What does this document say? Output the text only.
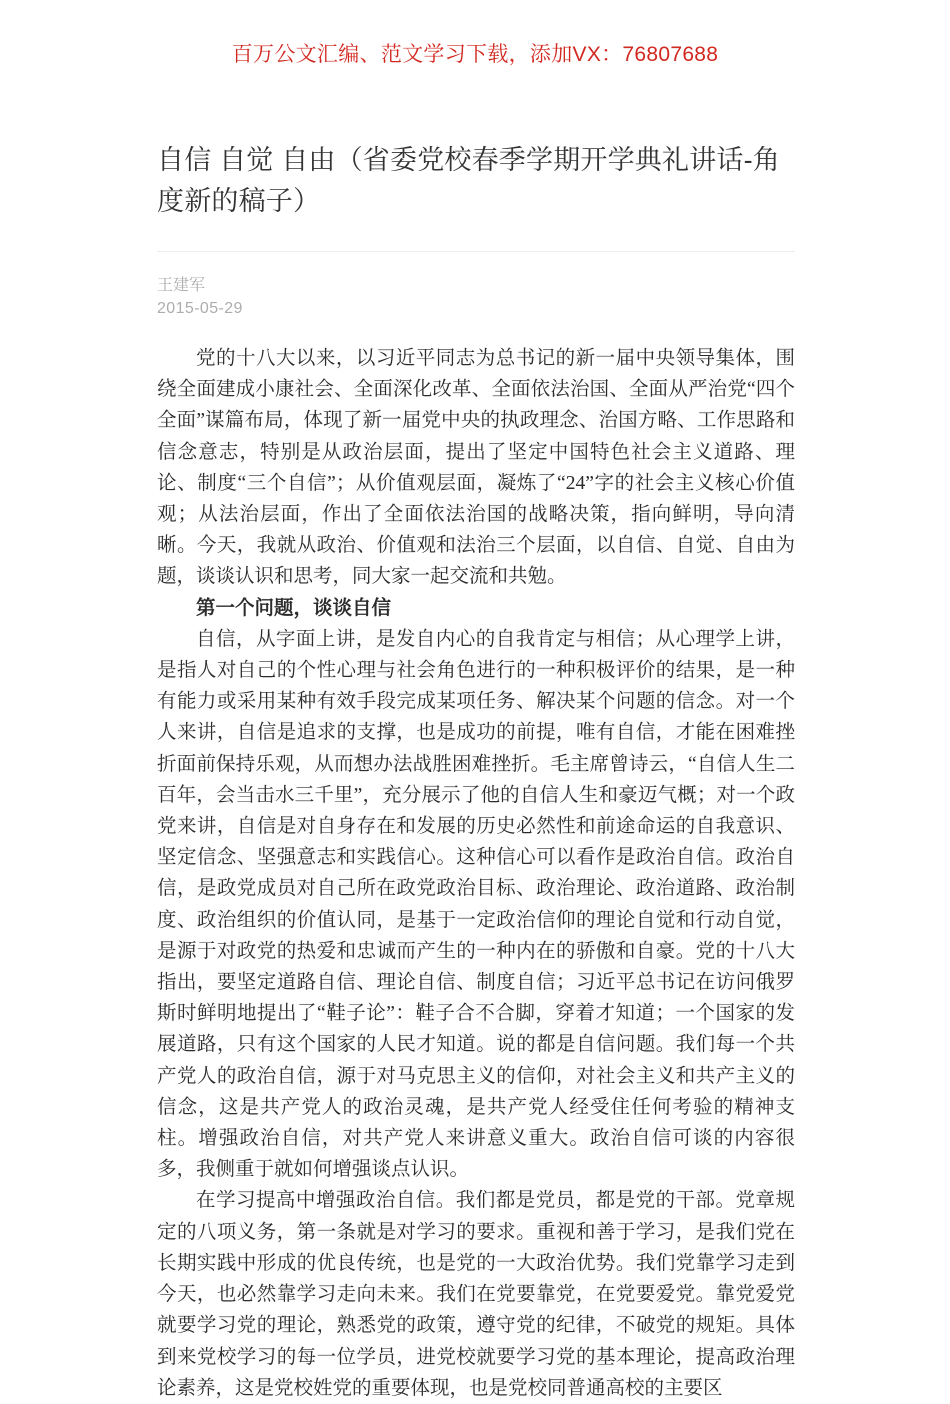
百万公文汇编、范文学习下载，添加VX：76807688
自信 自觉 自由（省委党校春季学期开学典礼讲话-角度新的稿子）
王建军
2015-05-29

党的十八大以来，以习近平同志为总书记的新一届中央领导集体，围绕全面建成小康社会、全面深化改革、全面依法治国、全面从严治党“四个全面”谋篇布局，体现了新一届党中央的执政理念、治国方略、工作思路和信念意志，特别是从政治层面，提出了坚定中国特色社会主义道路、理论、制度“三个自信”；从价值观层面，凝炼了“24”字的社会主义核心价值观；从法治层面，作出了全面依法治国的战略决策，指向鲜明，导向清晰。今天，我就从政治、价值观和法治三个层面，以自信、自觉、自由为题，谈谈认识和思考，同大家一起交流和共勉。

第一个问题，谈谈自信

自信，从字面上讲，是发自内心的自我肯定与相信；从心理学上讲，是指人对自己的个性心理与社会角色进行的一种积极评价的结果，是一种有能力或采用某种有效手段完成某项任务、解决某个问题的信念。对一个人来讲，自信是追求的支撑，也是成功的前提，唯有自信，才能在困难挫折面前保持乐观，从而想办法战胜困难挫折。毛主席曾诗云，“自信人生二百年，会当击水三千里”，充分展示了他的自信人生和豪迈气概；对一个政党来讲，自信是对自身存在和发展的历史必然性和前途命运的自我意识、坚定信念、坚强意志和实践信心。这种信心可以看作是政治自信。政治自信，是政党成员对自己所在政党政治目标、政治理论、政治道路、政治制度、政治组织的价值认同，是基于一定政治信仰的理论自觉和行动自觉，是源于对政党的热爱和忠诚而产生的一种内在的骄傲和自豪。党的十八大指出，要坚定道路自信、理论自信、制度自信；习近平总书记在访问俄罗斯时鲜明地提出了“鞋子论”：鞋子合不合脚，穿着才知道；一个国家的发展道路，只有这个国家的人民才知道。说的都是自信问题。我们每一个共产党人的政治自信，源于对马克思主义的信仰，对社会主义和共产主义的信念，这是共产党人的政治灵魂，是共产党人经受住任何考验的精神支柱。增强政治自信，对共产党人来讲意义重大。政治自信可谈的内容很多，我侧重于就如何增强谈点认识。

在学习提高中增强政治自信。我们都是党员，都是党的干部。党章规定的八项义务，第一条就是对学习的要求。重视和善于学习，是我们党在长期实践中形成的优良传统，也是党的一大政治优势。我们党靠学习走到今天，也必然靠学习走向未来。我们在党要靠党，在党要爱党。靠党爱党就要学习党的理论，熟悉党的政策，遵守党的纪律，不破党的规矩。具体到来党校学习的每一位学员，进党校就要学习党的基本理论，提高政治理论素养，这是党校姓党的重要体现，也是党校同普通高校的主要区
